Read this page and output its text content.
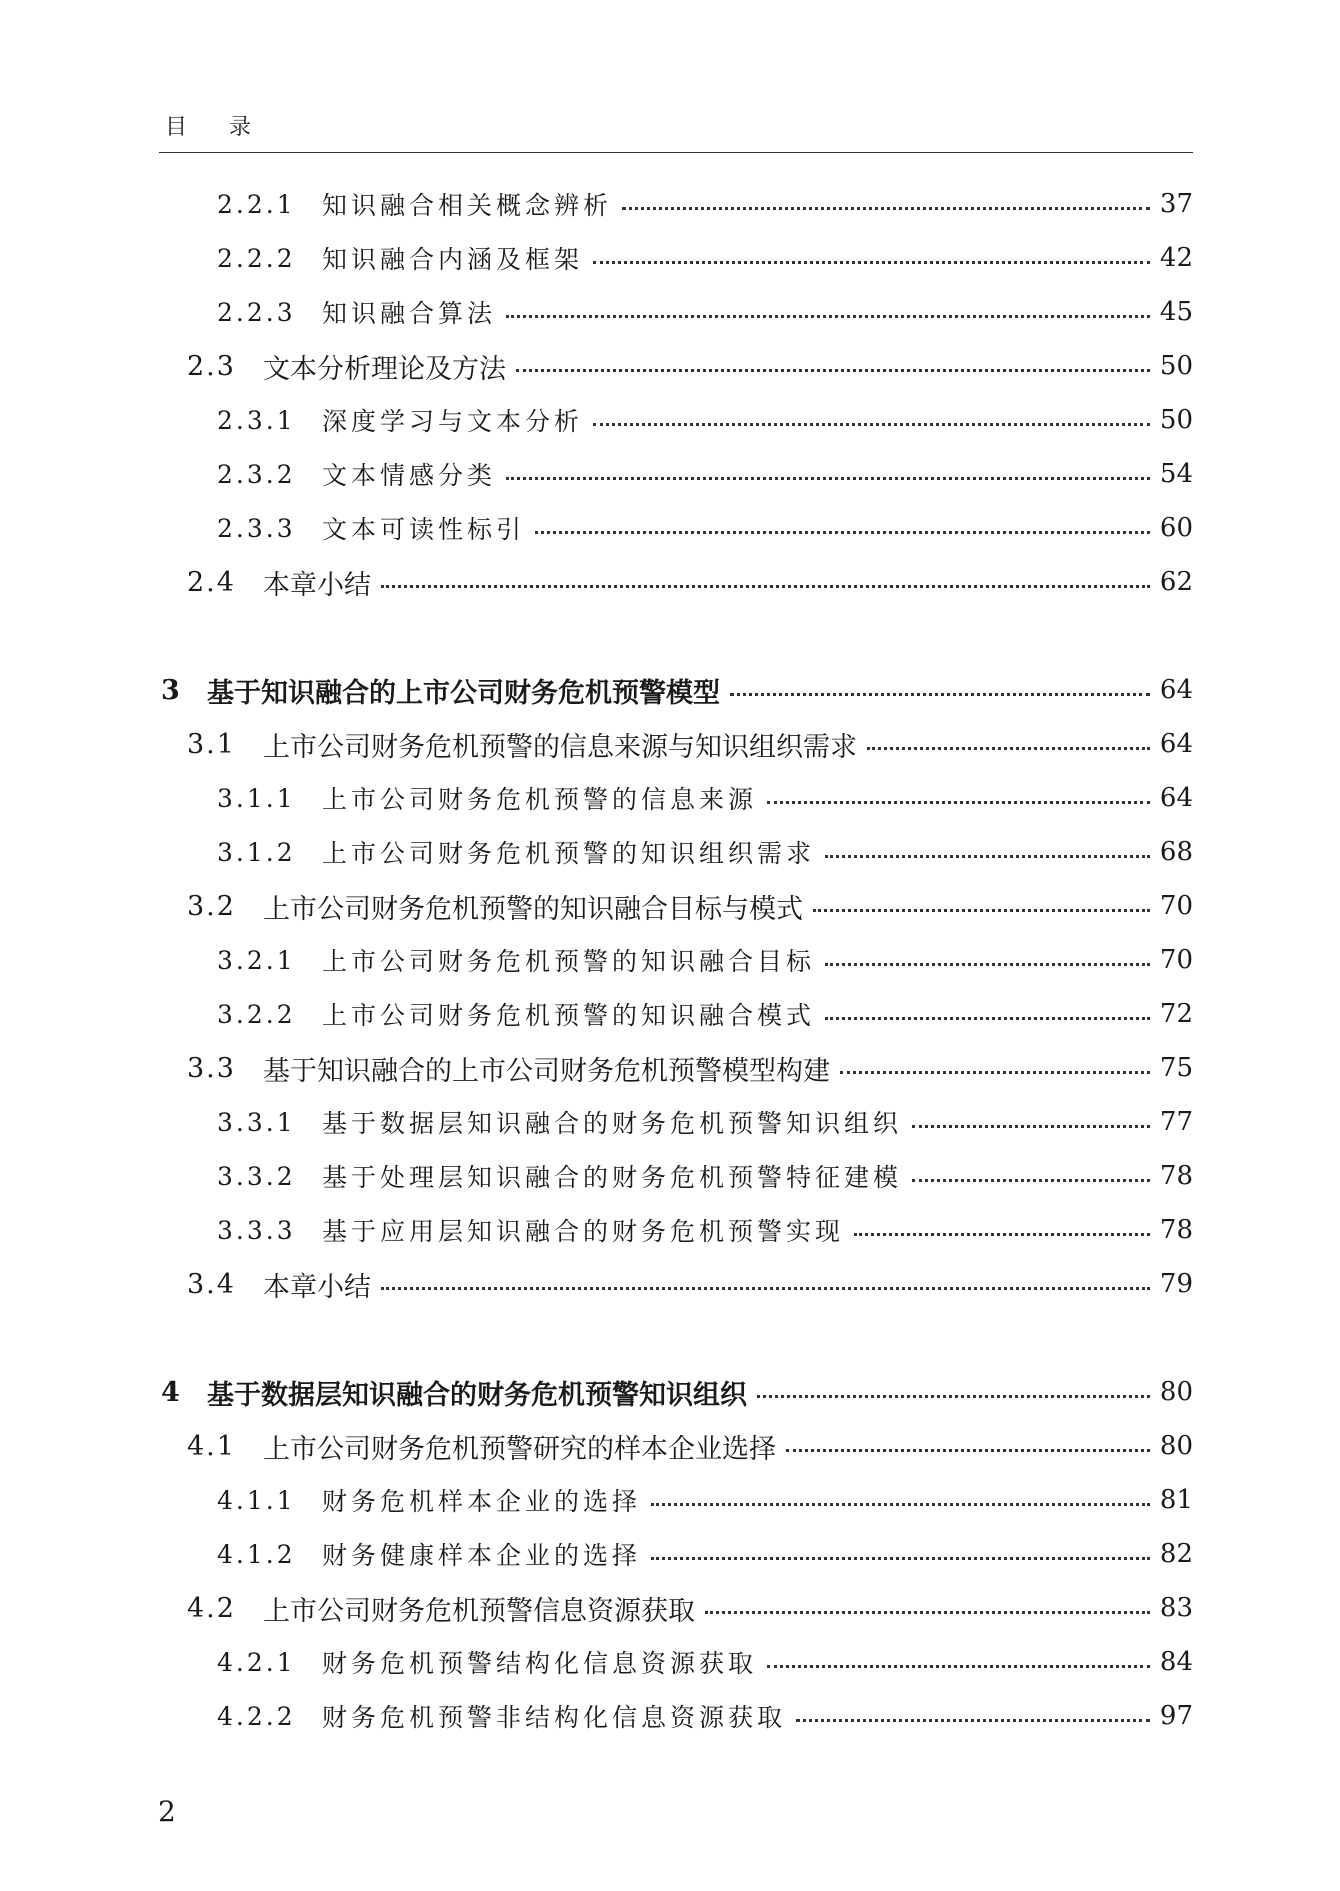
目录
2.2.1	知识融合相关概念辨析	37
2.2.2	知识融合内涵及框架	42
2.2.3	知识融合算法	45
2.3	文本分析理论及方法	50
2.3.1	深度学习与文本分析	50
2.3.2	文本情感分类	54
2.3.3	文本可读性标引	60
2.4	本章小结	62
3	基于知识融合的上市公司财务危机预警模型	64
3.1	上市公司财务危机预警的信息来源与知识组织需求	64
3.1.1	上市公司财务危机预警的信息来源	64
3.1.2	上市公司财务危机预警的知识组织需求	68
3.2	上市公司财务危机预警的知识融合目标与模式	70
3.2.1	上市公司财务危机预警的知识融合目标	70
3.2.2	上市公司财务危机预警的知识融合模式	72
3.3	基于知识融合的上市公司财务危机预警模型构建	75
3.3.1	基于数据层知识融合的财务危机预警知识组织	77
3.3.2	基于处理层知识融合的财务危机预警特征建模	78
3.3.3	基于应用层知识融合的财务危机预警实现	78
3.4	本章小结	79
4	基于数据层知识融合的财务危机预警知识组织	80
4.1	上市公司财务危机预警研究的样本企业选择	80
4.1.1	财务危机样本企业的选择	81
4.1.2	财务健康样本企业的选择	82
4.2	上市公司财务危机预警信息资源获取	83
4.2.1	财务危机预警结构化信息资源获取	84
4.2.2	财务危机预警非结构化信息资源获取	97
2
